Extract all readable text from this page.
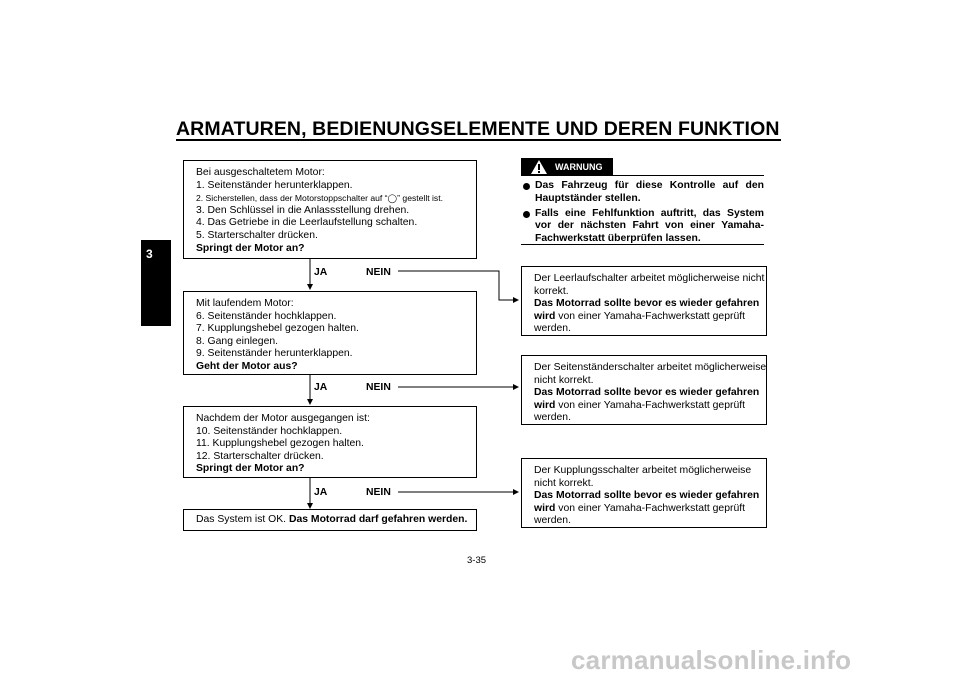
ARMATUREN, BEDIENUNGSELEMENTE UND DEREN FUNKTION
3
Bei ausgeschaltetem Motor:
1. Seitenständer herunterklappen.
2. Sicherstellen, dass der Motorstoppschalter auf “◯” gestellt ist.
3. Den Schlüssel in die Anlassstellung drehen.
4. Das Getriebe in die Leerlaufstellung schalten.
5. Starterschalter drücken.
Springt der Motor an?
JA	NEIN
Mit laufendem Motor:
6. Seitenständer hochklappen.
7. Kupplungshebel gezogen halten.
8. Gang einlegen.
9. Seitenständer herunterklappen.
Geht der Motor aus?
JA	NEIN
Nachdem der Motor ausgegangen ist:
10. Seitenständer hochklappen.
11. Kupplungshebel gezogen halten.
12. Starterschalter drücken.
Springt der Motor an?
JA	NEIN
Das System ist OK. Das Motorrad darf gefahren werden.
WARNUNG
Das Fahrzeug für diese Kontrolle auf den Hauptständer stellen.
Falls eine Fehlfunktion auftritt, das System vor der nächsten Fahrt von einer Yamaha-Fachwerkstatt überprüfen lassen.
Der Leerlaufschalter arbeitet möglicherweise nicht
korrekt.
Das Motorrad sollte bevor es wieder gefahren
wird von einer Yamaha-Fachwerkstatt geprüft
werden.
Der Seitenständerschalter arbeitet möglicherweise
nicht korrekt.
Das Motorrad sollte bevor es wieder gefahren
wird von einer Yamaha-Fachwerkstatt geprüft
werden.
Der Kupplungsschalter arbeitet möglicherweise
nicht korrekt.
Das Motorrad sollte bevor es wieder gefahren
wird von einer Yamaha-Fachwerkstatt geprüft
werden.
3-35
carmanualsonline.info
